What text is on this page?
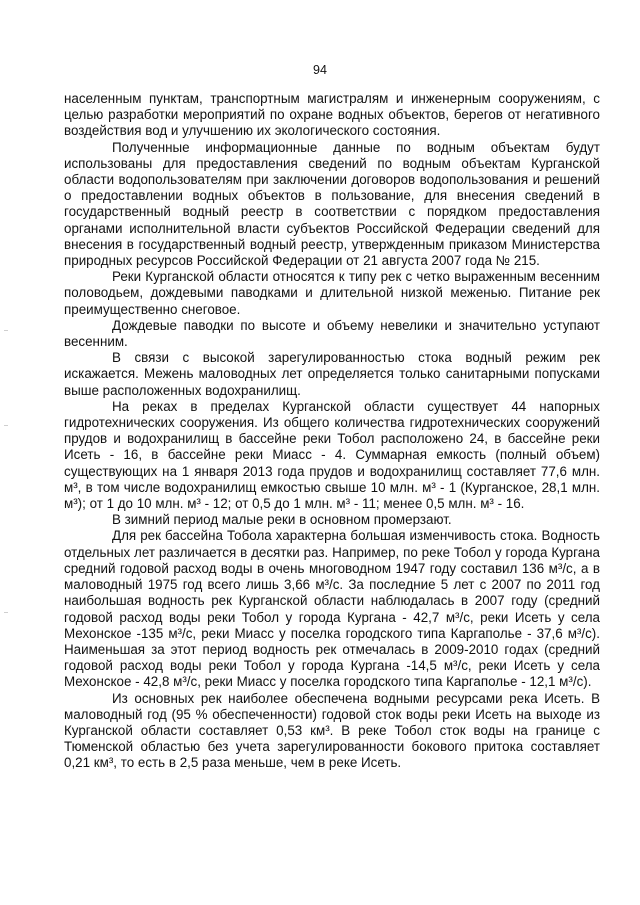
94

населенным пунктам, транспортным магистралям и инженерным сооружениям, с целью разработки мероприятий по охране водных объектов, берегов от негативного воздействия вод и улучшению их экологического состояния.

Полученные информационные данные по водным объектам будут использованы для предоставления сведений по водным объектам Курганской области водопользователям при заключении договоров водопользования и решений о предоставлении водных объектов в пользование, для внесения сведений в государственный водный реестр в соответствии с порядком предоставления органами исполнительной власти субъектов Российской Федерации сведений для внесения в государственный водный реестр, утвержденным приказом Министерства природных ресурсов Российской Федерации от 21 августа 2007 года № 215.

Реки Курганской области относятся к типу рек с четко выраженным весенним половодьем, дождевыми паводками и длительной низкой меженью. Питание рек преимущественно снеговое.

Дождевые паводки по высоте и объему невелики и значительно уступают весенним.

В связи с высокой зарегулированностью стока водный режим рек искажается. Межень маловодных лет определяется только санитарными попусками выше расположенных водохранилищ.

На реках в пределах Курганской области существует 44 напорных гидротехнических сооружения. Из общего количества гидротехнических сооружений прудов и водохранилищ в бассейне реки Тобол расположено 24, в бассейне реки Исеть - 16, в бассейне реки Миасс - 4. Суммарная емкость (полный объем) существующих на 1 января 2013 года прудов и водохранилищ составляет 77,6 млн. м³, в том числе водохранилищ емкостью свыше 10 млн. м³ - 1 (Курганское, 28,1 млн. м³); от 1 до 10 млн. м³ - 12; от 0,5 до 1 млн. м³ - 11; менее 0,5 млн. м³ - 16.

В зимний период малые реки в основном промерзают.

Для рек бассейна Тобола характерна большая изменчивость стока. Водность отдельных лет различается в десятки раз. Например, по реке Тобол у города Кургана средний годовой расход воды в очень многоводном 1947 году составил 136 м³/с, а в маловодный 1975 год всего лишь 3,66 м³/с. За последние 5 лет с 2007 по 2011 год наибольшая водность рек Курганской области наблюдалась в 2007 году (средний годовой расход воды реки Тобол у города Кургана - 42,7 м³/с, реки Исеть у села Мехонское -135 м³/с, реки Миасс у поселка городского типа Каргаполье - 37,6 м³/с). Наименьшая за этот период водность рек отмечалась в 2009-2010 годах (средний годовой расход воды реки Тобол у города Кургана -14,5 м³/с, реки Исеть у села Мехонское - 42,8 м³/с, реки Миасс у поселка городского типа Каргаполье - 12,1 м³/с).

Из основных рек наиболее обеспечена водными ресурсами река Исеть. В маловодный год (95 % обеспеченности) годовой сток воды реки Исеть на выходе из Курганской области составляет 0,53 км³. В реке Тобол сток воды на границе с Тюменской областью без учета зарегулированности бокового притока составляет 0,21 км³, то есть в 2,5 раза меньше, чем в реке Исеть.
